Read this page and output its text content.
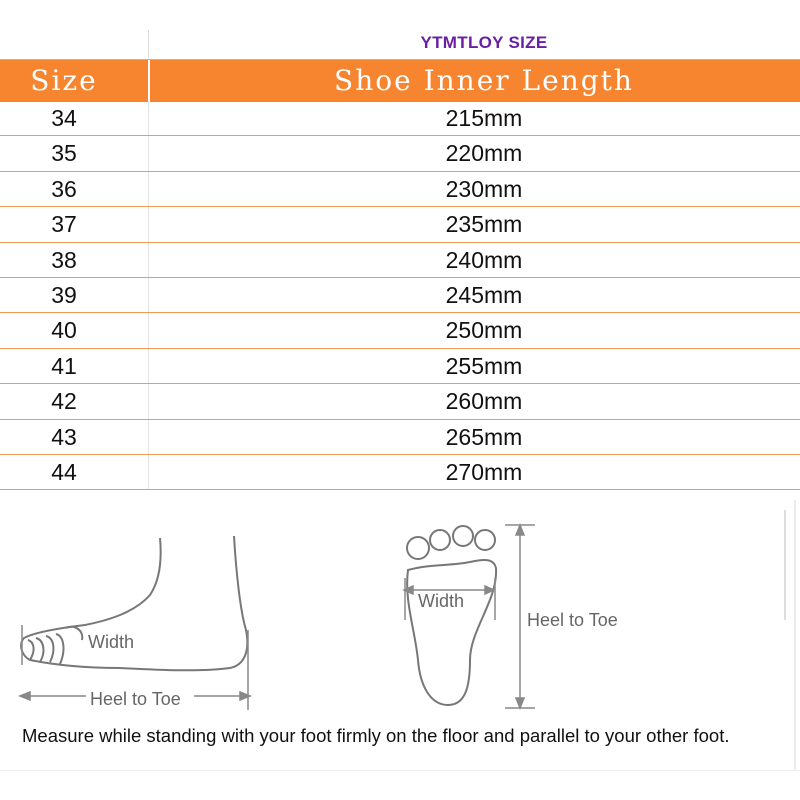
YTMTLOY SIZE
Size	Shoe Inner Length
34	215mm
35	220mm
36	230mm
37	235mm
38	240mm
39	245mm
40	250mm
41	255mm
42	260mm
43	265mm
44	270mm
Width
Heel to Toe
Width
Heel to Toe
Measure while standing with your foot firmly on the floor and parallel to your other foot.
